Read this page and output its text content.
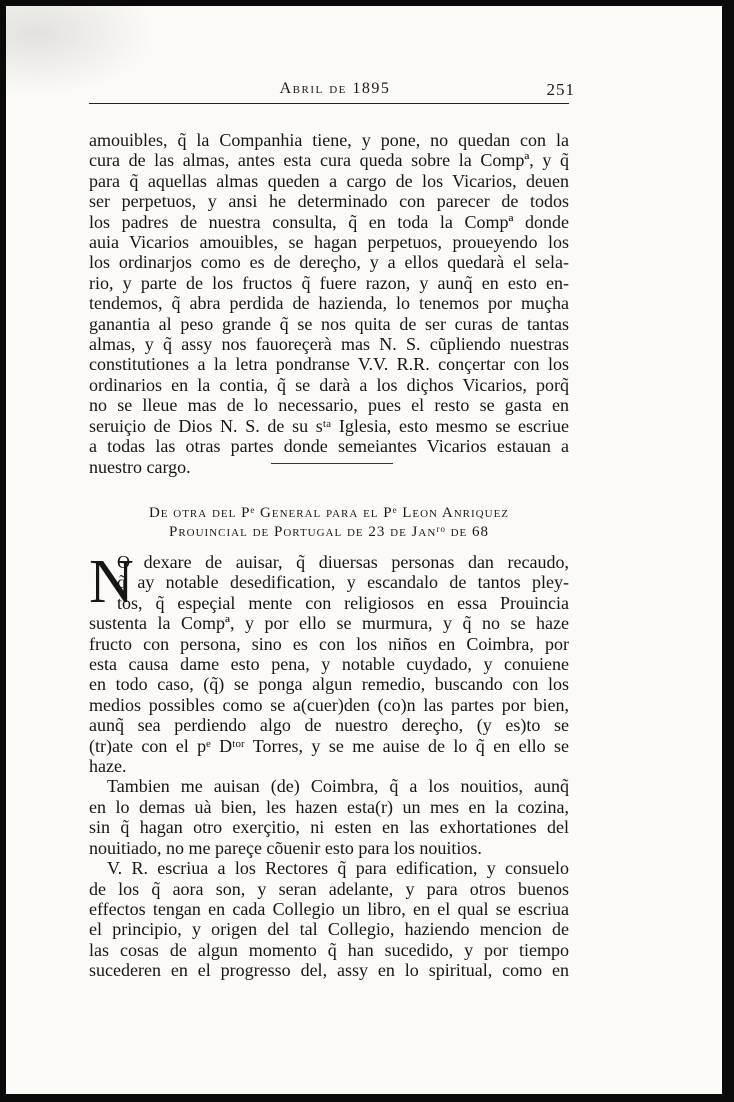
Abril de 1895	251
amouibles, q̃ la Companhia tiene, y pone, no quedan con la
cura de las almas, antes esta cura queda sobre la Compª, y q̃
para q̃ aquellas almas queden a cargo de los Vicarios, deuen
ser perpetuos, y ansi he determinado con parecer de todos
los padres de nuestra consulta, q̃ en toda la Compª donde
auia Vicarios amouibles, se hagan perpetuos, proueyendo los
los ordinarjos como es de dereçho, y a ellos quedarà el sela-
rio, y parte de los fructos q̃ fuere razon, y aunq̃ en esto en-
tendemos, q̃ abra perdida de hazienda, lo tenemos por muçha
ganantia al peso grande q̃ se nos quita de ser curas de tantas
almas, y q̃ assy nos fauoreçerà mas N. S. cũpliendo nuestras
constitutiones a la letra pondranse V.V. R.R. conçertar con los
ordinarios en la contia, q̃ se darà a los diçhos Vicarios, porq̃
no se lleue mas de lo necessario, pues el resto se gasta en
seruiçio de Dios N. S. de su sᵗᵃ Iglesia, esto mesmo se escriue
a todas las otras partes donde semeiantes Vicarios estauan a
nuestro cargo.
De otra del Pᵉ General para el Pᵉ Leon Anriquez
Prouincial de Portugal de 23 de Janʳᵒ de 68
N
O dexare de auisar, q̃ diuersas personas dan recaudo,
q̃ ay notable desedification, y escandalo de tantos pley-
tos, q̃ espeçial mente con religiosos en essa Prouincia
sustenta la Compª, y por ello se murmura, y q̃ no se haze
fructo con persona, sino es con los niños en Coimbra, por
esta causa dame esto pena, y notable cuydado, y conuiene
en todo caso, (q̃) se ponga algun remedio, buscando con los
medios possibles como se a(cuer)den (co)n las partes por bien,
aunq̃ sea perdiendo algo de nuestro dereçho, (y es)to se
(tr)ate con el pᵉ Dᵗᵒʳ Torres, y se me auise de lo q̃ en ello se
haze.
Tambien me auisan (de) Coimbra, q̃ a los nouitios, aunq̃
en lo demas uà bien, les hazen esta(r) un mes en la cozina,
sin q̃ hagan otro exerçitio, ni esten en las exhortationes del
nouitiado, no me pareçe cõuenir esto para los nouitios.
V. R. escriua a los Rectores q̃ para edification, y consuelo
de los q̃ aora son, y seran adelante, y para otros buenos
effectos tengan en cada Collegio un libro, en el qual se escriua
el principio, y origen del tal Collegio, haziendo mencion de
las cosas de algun momento q̃ han sucedido, y por tiempo
sucederen en el progresso del, assy en lo spiritual, como en
